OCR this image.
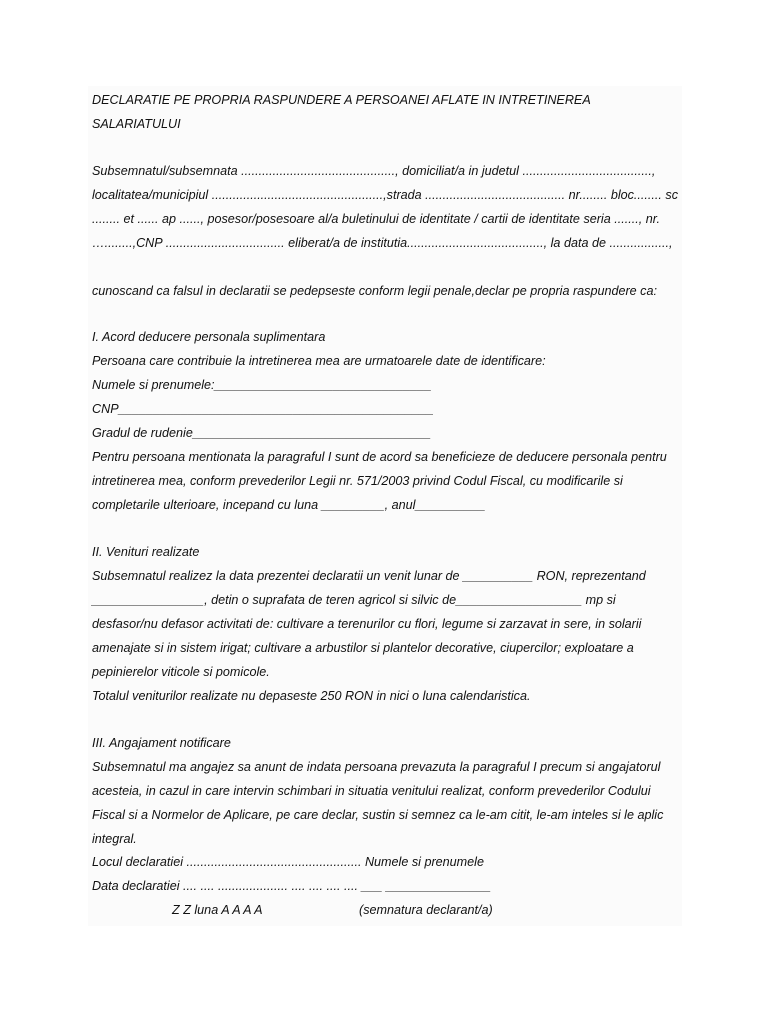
DECLARATIE PE PROPRIA RASPUNDERE A PERSOANEI AFLATE IN INTRETINEREA
SALARIATULUI
Subsemnatul/subsemnata ............................................, domiciliat/a in judetul .....................................,
localitatea/municipiul .................................................,strada ........................................ nr........ bloc........ sc
........ et ...... ap ......, posesor/posesoare al/a buletinului de identitate / cartii de identitate seria ......., nr.
…........,CNP .................................. eliberat/a de institutia......................................., la data de .................,
cunoscand ca falsul in declaratii se pedepseste conform legii penale,declar pe propria raspundere ca:
I. Acord deducere personala suplimentara
Persoana care contribuie la intretinerea mea are urmatoarele date de identificare:
Numele si prenumele:_______________________________
CNP_____________________________________________
Gradul de rudenie__________________________________
Pentru persoana mentionata la paragraful I sunt de acord sa beneficieze de deducere personala pentru
intretinerea mea, conform prevederilor Legii nr. 571/2003 privind Codul Fiscal, cu modificarile si
completarile ulterioare, incepand cu luna _________, anul__________
II. Venituri realizate
Subsemnatul realizez la data prezentei declaratii un venit lunar de __________ RON, reprezentand
________________, detin o suprafata de teren agricol si silvic de__________________ mp si
desfasor/nu defasor activitati de: cultivare a terenurilor cu flori, legume si zarzavat in sere, in solarii
amenajate si in sistem irigat; cultivare a arbustilor si plantelor decorative, ciupercilor; exploatare a
pepinierelor viticole si pomicole.
Totalul veniturilor realizate nu depaseste 250 RON in nici o luna calendaristica.
III. Angajament notificare
Subsemnatul ma angajez sa anunt de indata persoana prevazuta la paragraful I precum si angajatorul
acesteia, in cazul in care intervin schimbari in situatia venitului realizat, conform prevederilor Codului
Fiscal si a Normelor de Aplicare, pe care declar, sustin si semnez ca le-am citit, le-am inteles si le aplic
integral.
Locul declaratiei .................................................. Numele si prenumele
Data declaratiei .... .... .................... .... .... .... .... ___ _______________
Z Z luna A A A A	(semnatura declarant/a)
